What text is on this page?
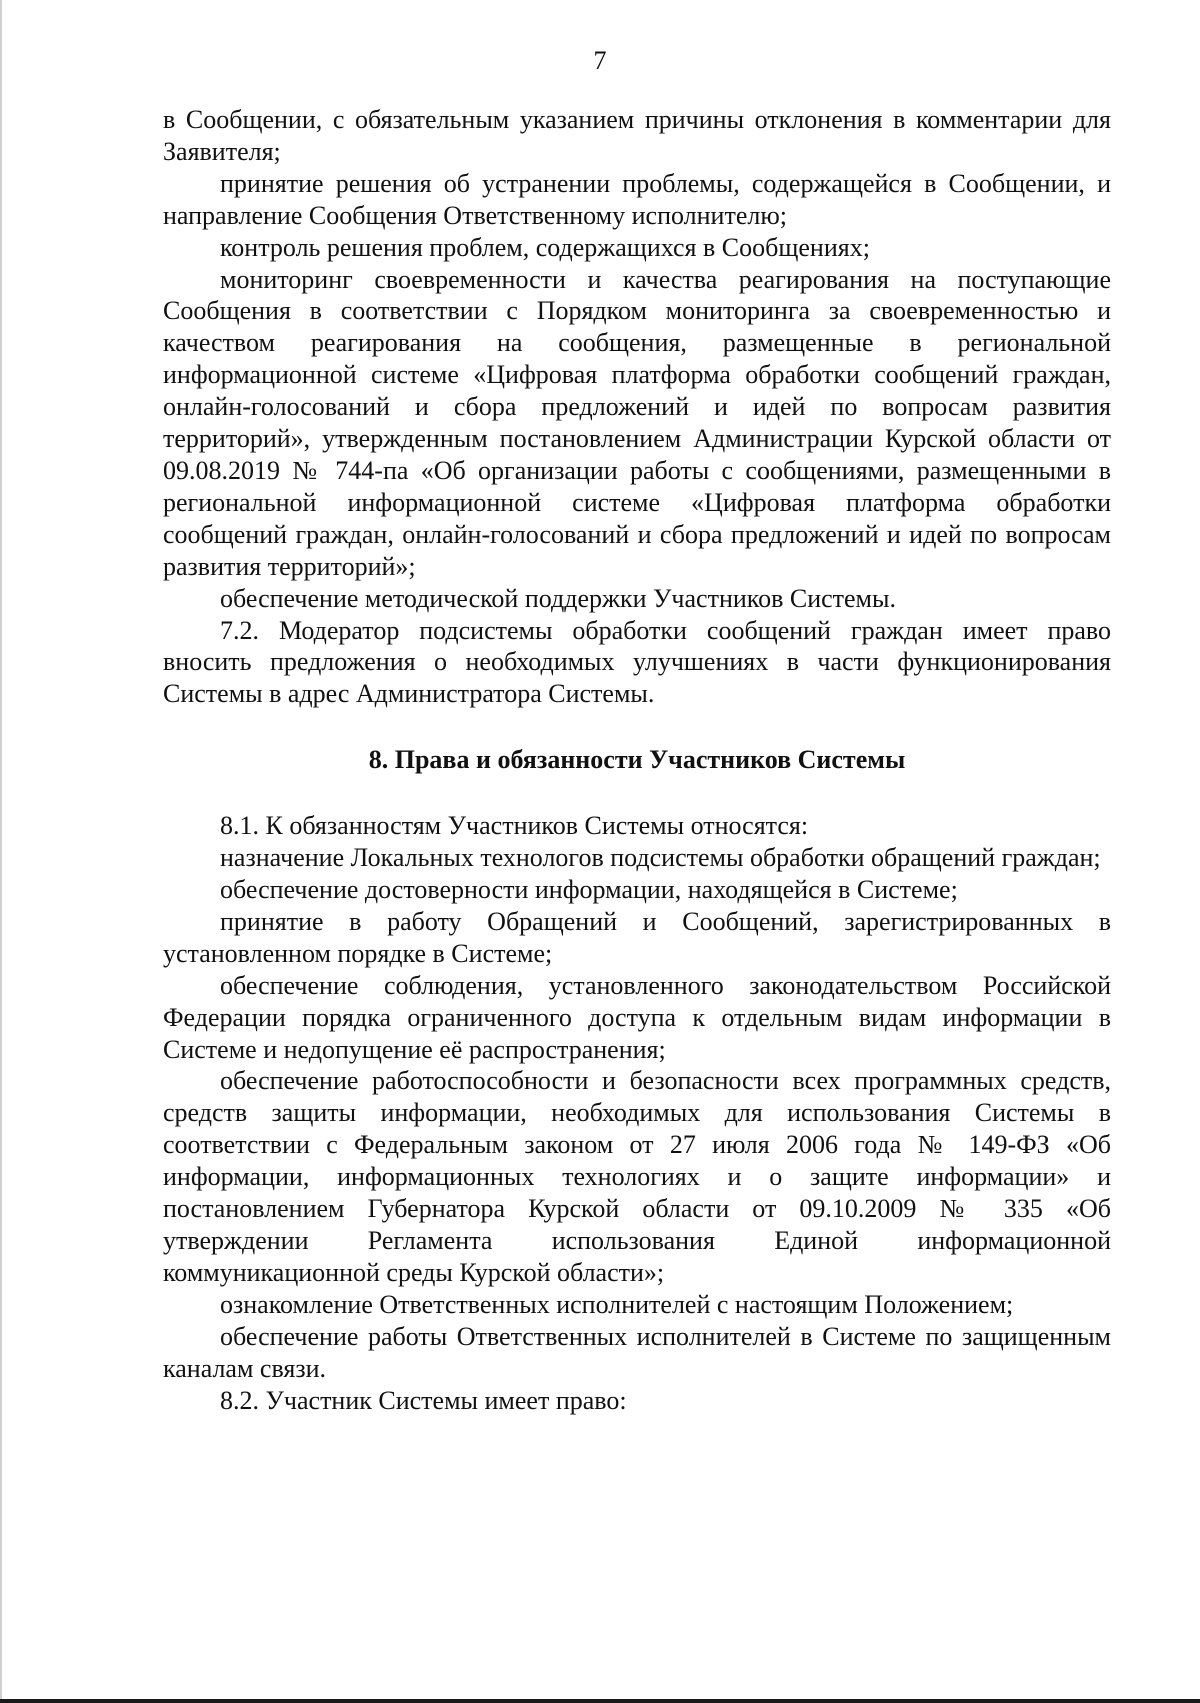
7

в Сообщении, с обязательным указанием причины отклонения в комментарии для Заявителя;

принятие решения об устранении проблемы, содержащейся в Сообщении, и направление Сообщения Ответственному исполнителю;

контроль решения проблем, содержащихся в Сообщениях;

мониторинг своевременности и качества реагирования на поступающие Сообщения в соответствии с Порядком мониторинга за своевременностью и качеством реагирования на сообщения, размещенные в региональной информационной системе «Цифровая платформа обработки сообщений граждан, онлайн-голосований и сбора предложений и идей по вопросам развития территорий», утвержденным постановлением Администрации Курской области от 09.08.2019 № 744-па «Об организации работы с сообщениями, размещенными в региональной информационной системе «Цифровая платформа обработки сообщений граждан, онлайн-голосований и сбора предложений и идей по вопросам развития территорий»;

обеспечение методической поддержки Участников Системы.

7.2. Модератор подсистемы обработки сообщений граждан имеет право вносить предложения о необходимых улучшениях в части функционирования Системы в адрес Администратора Системы.

8. Права и обязанности Участников Системы

8.1. К обязанностям Участников Системы относятся:

назначение Локальных технологов подсистемы обработки обращений граждан;

обеспечение достоверности информации, находящейся в Системе;

принятие в работу Обращений и Сообщений, зарегистрированных в установленном порядке в Системе;

обеспечение соблюдения, установленного законодательством Российской Федерации порядка ограниченного доступа к отдельным видам информации в Системе и недопущение её распространения;

обеспечение работоспособности и безопасности всех программных средств, средств защиты информации, необходимых для использования Системы в соответствии с Федеральным законом от 27 июля 2006 года № 149-ФЗ «Об информации, информационных технологиях и о защите информации» и постановлением Губернатора Курской области от 09.10.2009 № 335 «Об утверждении Регламента использования Единой информационной коммуникационной среды Курской области»;

ознакомление Ответственных исполнителей с настоящим Положением;

обеспечение работы Ответственных исполнителей в Системе по защищенным каналам связи.

8.2. Участник Системы имеет право:
